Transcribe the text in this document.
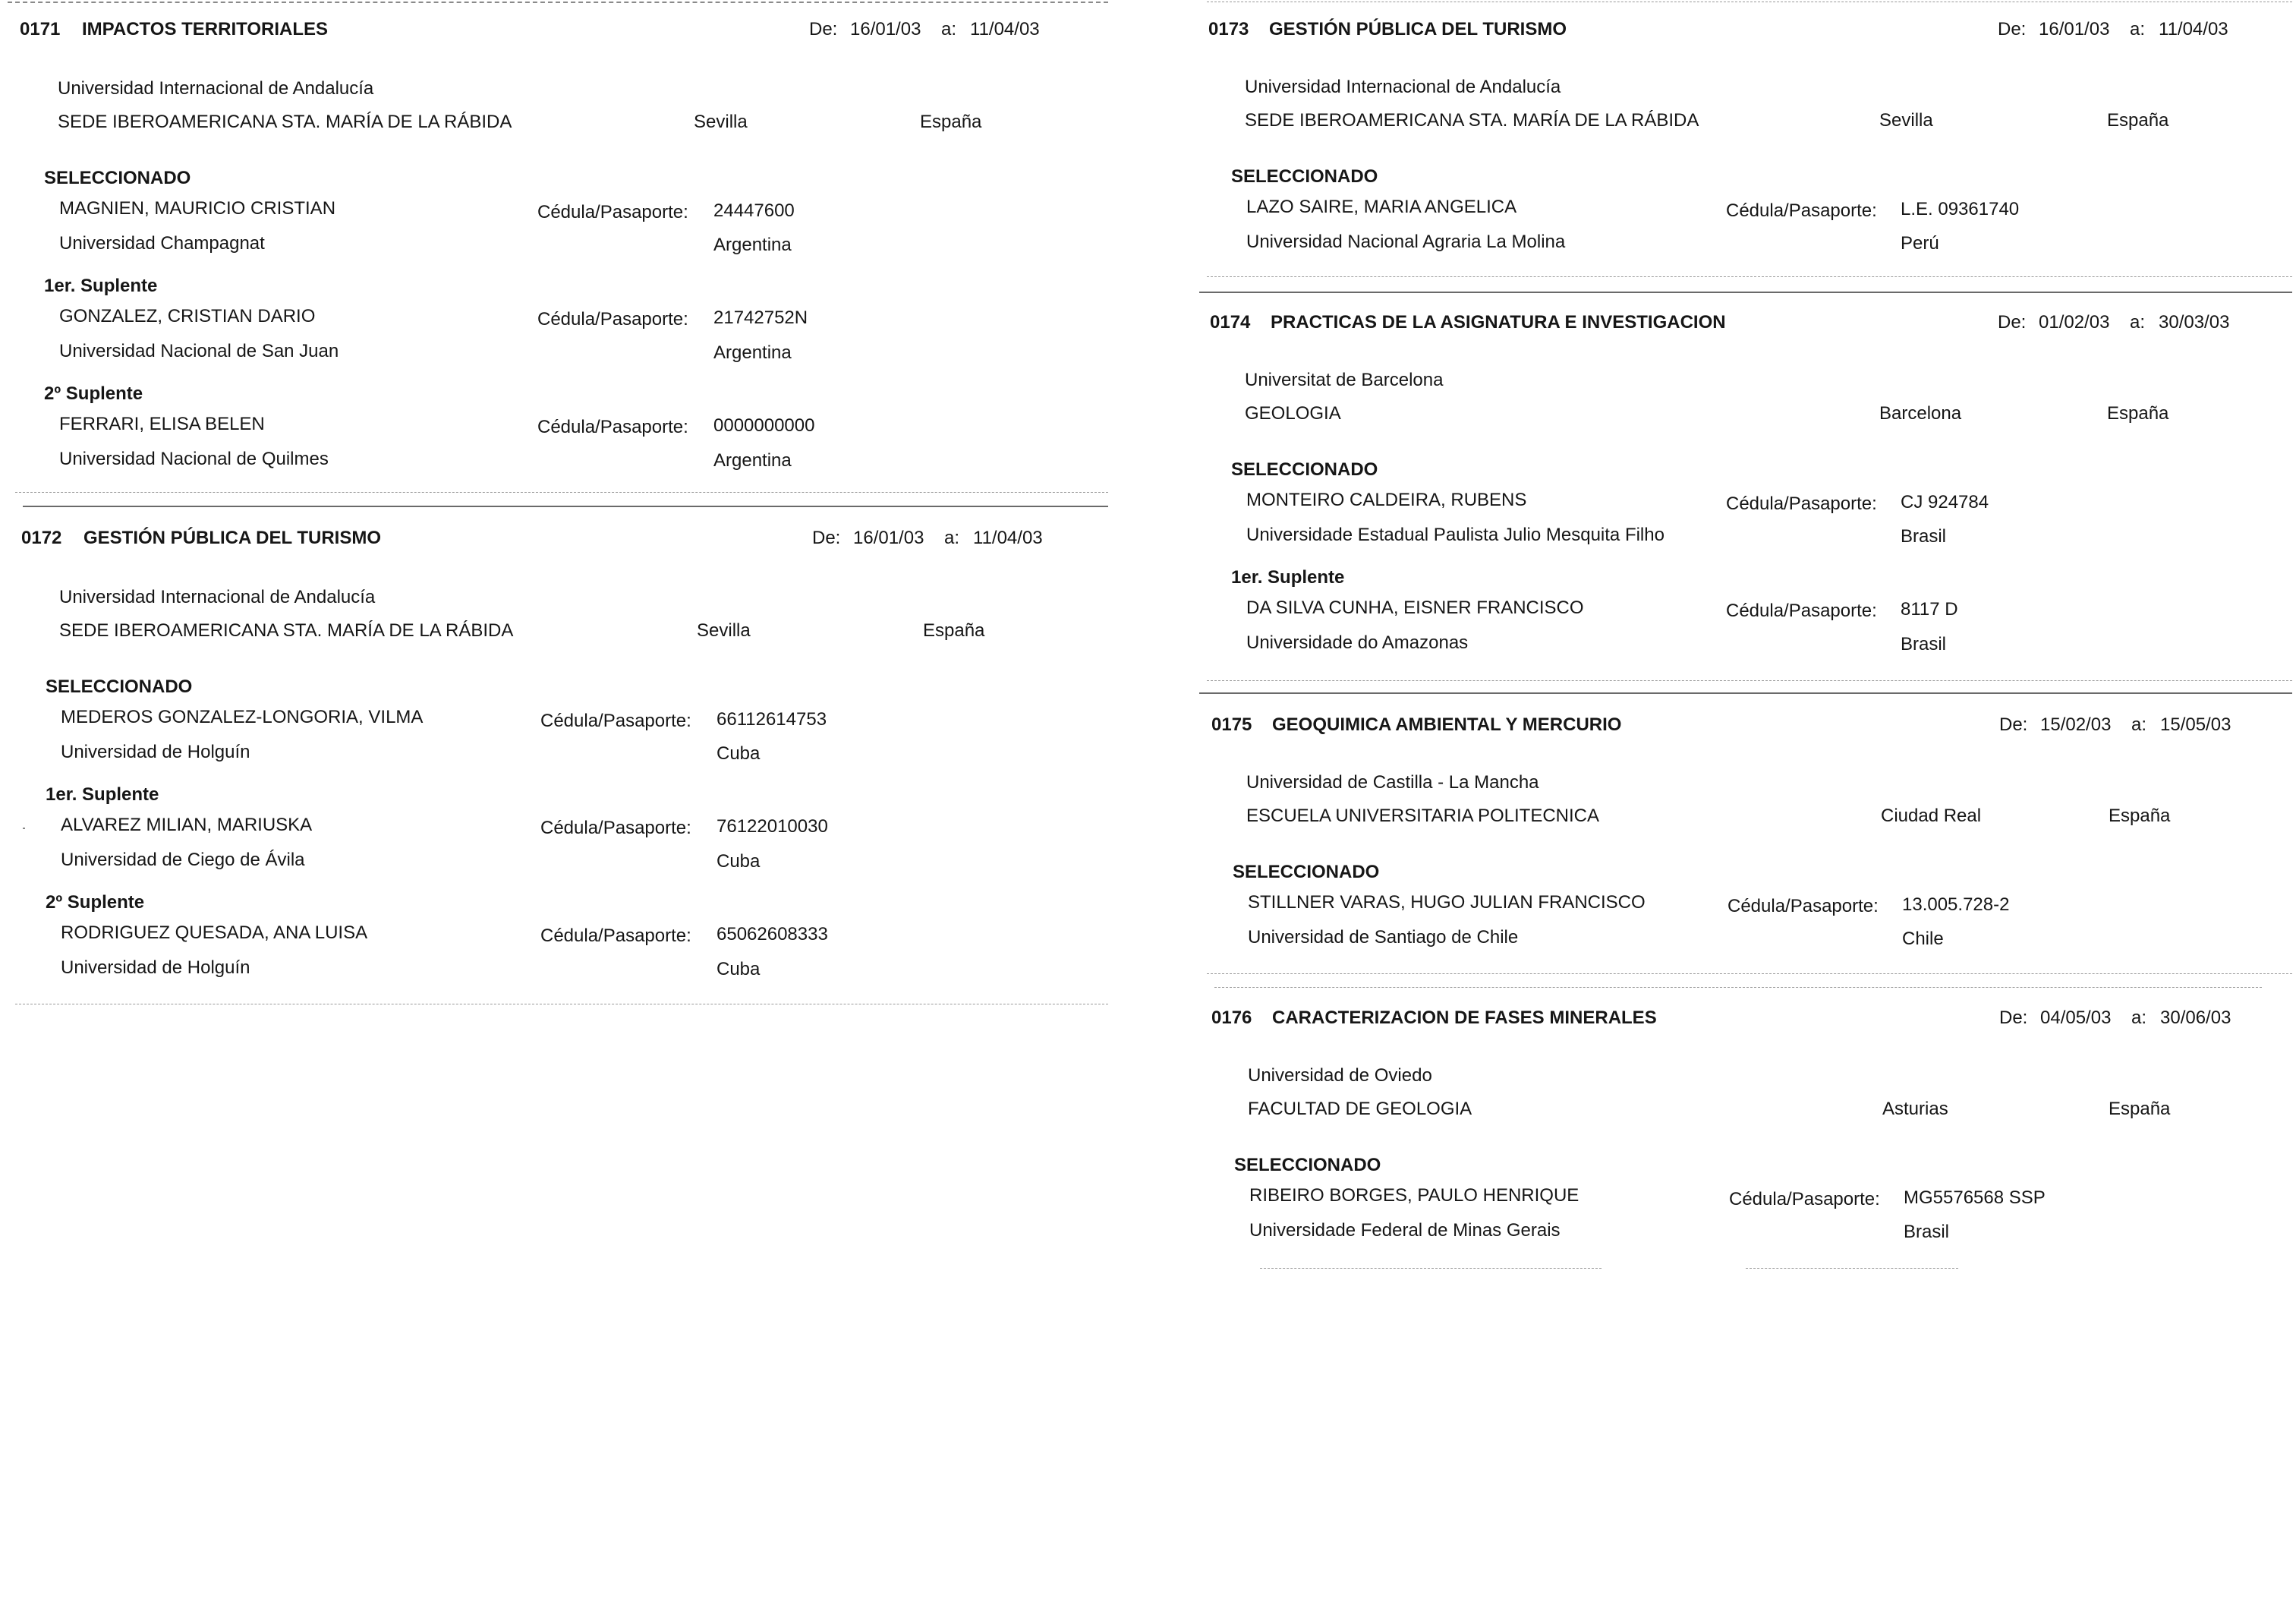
0171 IMPACTOS TERRITORIALES	De: 16/01/03 a: 11/04/03
Universidad Internacional de Andalucía
SEDE IBEROAMERICANA STA. MARÍA DE LA RÁBIDA	Sevilla	España
SELECCIONADO
MAGNIEN, MAURICIO CRISTIAN	Cédula/Pasaporte: 24447600
Universidad Champagnat	Argentina
1er. Suplente
GONZALEZ, CRISTIAN DARIO	Cédula/Pasaporte: 21742752N
Universidad Nacional de San Juan	Argentina
2º Suplente
FERRARI, ELISA BELEN	Cédula/Pasaporte: 0000000000
Universidad Nacional de Quilmes	Argentina
0172 GESTIÓN PÚBLICA DEL TURISMO	De: 16/01/03 a: 11/04/03
Universidad Internacional de Andalucía
SEDE IBEROAMERICANA STA. MARÍA DE LA RÁBIDA	Sevilla	España
SELECCIONADO
MEDEROS GONZALEZ-LONGORIA, VILMA	Cédula/Pasaporte: 66112614753
Universidad de Holguín	Cuba
1er. Suplente
ALVAREZ MILIAN, MARIUSKA	Cédula/Pasaporte: 76122010030
Universidad de Ciego de Ávila	Cuba
2º Suplente
RODRIGUEZ QUESADA, ANA LUISA	Cédula/Pasaporte: 65062608333
Universidad de Holguín	Cuba
0173 GESTIÓN PÚBLICA DEL TURISMO	De: 16/01/03 a: 11/04/03
Universidad Internacional de Andalucía
SEDE IBEROAMERICANA STA. MARÍA DE LA RÁBIDA	Sevilla	España
SELECCIONADO
LAZO SAIRE, MARIA ANGELICA	Cédula/Pasaporte: L.E. 09361740
Universidad Nacional Agraria La Molina	Perú
0174 PRACTICAS DE LA ASIGNATURA E INVESTIGACION	De: 01/02/03 a: 30/03/03
Universitat de Barcelona
GEOLOGIA	Barcelona	España
SELECCIONADO
MONTEIRO CALDEIRA, RUBENS	Cédula/Pasaporte: CJ 924784
Universidade Estadual Paulista Julio Mesquita Filho	Brasil
1er. Suplente
DA SILVA CUNHA, EISNER FRANCISCO	Cédula/Pasaporte: 8117 D
Universidade do Amazonas	Brasil
0175 GEOQUIMICA AMBIENTAL Y MERCURIO	De: 15/02/03 a: 15/05/03
Universidad de Castilla - La Mancha
ESCUELA UNIVERSITARIA POLITECNICA	Ciudad Real	España
SELECCIONADO
STILLNER VARAS, HUGO JULIAN FRANCISCO	Cédula/Pasaporte: 13.005.728-2
Universidad de Santiago de Chile	Chile
0176 CARACTERIZACION DE FASES MINERALES	De: 04/05/03 a: 30/06/03
Universidad de Oviedo
FACULTAD DE GEOLOGIA	Asturias	España
SELECCIONADO
RIBEIRO BORGES, PAULO HENRIQUE	Cédula/Pasaporte: MG5576568 SSP
Universidade Federal de Minas Gerais	Brasil
